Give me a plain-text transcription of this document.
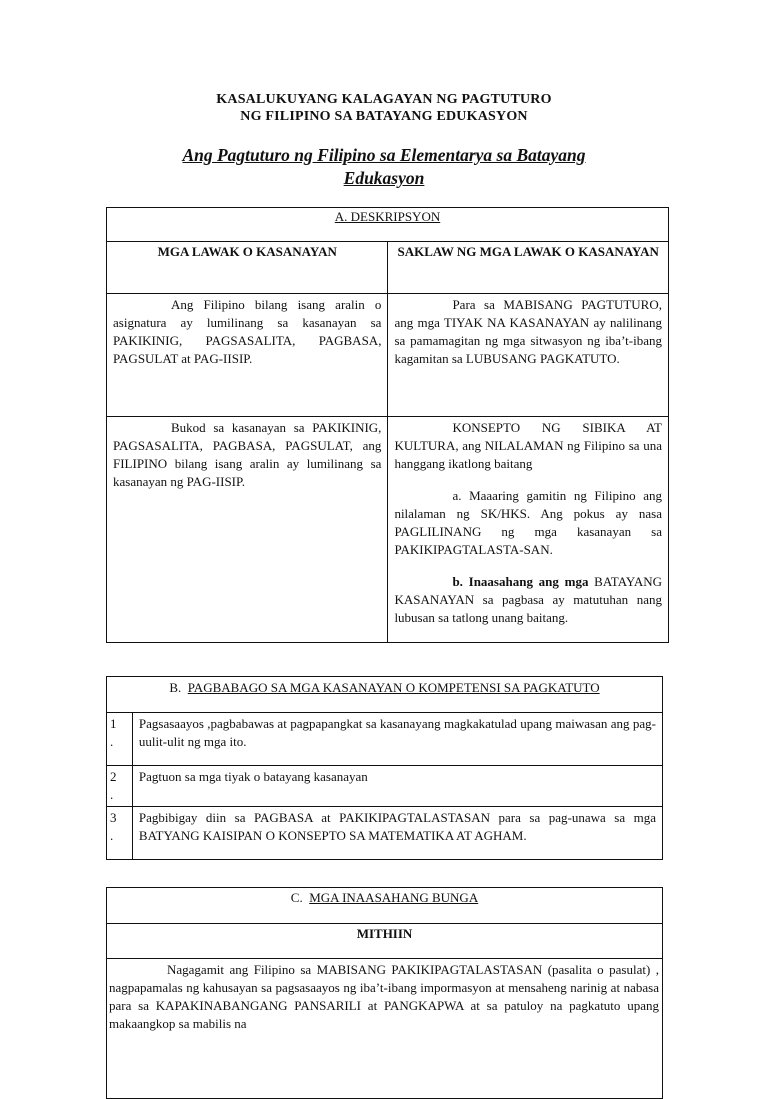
KASALUKUYANG KALAGAYAN NG PAGTUTURO
NG FILIPINO SA BATAYANG EDUKASYON
Ang Pagtuturo ng Filipino sa Elementarya sa Batayang
Edukasyon
A. DESKRIPSYON	
MGA LAWAK O KASANAYAN	SAKLAW NG MGA LAWAK O KASANAYAN
Ang Filipino bilang isang aralin o asignatura ay lumilinang sa kasanayan sa PAKIKINIG, PAGSASALITA, PAGBASA, PAGSULAT at PAG-IISIP.	Para sa MABISANG PAGTUTURO, ang mga TIYAK NA KASANAYAN ay nalilinang sa pamamagitan ng mga sitwasyon ng iba’t-ibang kagamitan sa LUBUSANG PAGKATUTO.
Bukod sa kasanayan sa PAKIKINIG, PAGSASALITA, PAGBASA, PAGSULAT, ang FILIPINO bilang isang aralin ay lumilinang sa kasanayan ng PAG-IISIP.	KONSEPTO NG SIBIKA AT KULTURA, ang NILALAMAN ng Filipino sa una hanggang ikatlong baitang
a. Maaaring gamitin ng Filipino ang nilalaman ng SK/HKS. Ang pokus ay nasa PAGLILINANG ng mga kasanayan sa PAKIKIPAGTALASTA-SAN.
b. Inaasahang ang mga BATAYANG KASANAYAN sa pagbasa ay matutuhan nang lubusan sa tatlong unang baitang.
B. PAGBABAGO SA MGA KASANAYAN O KOMPETENSI SA PAGKATUTO	
1
.	Pagsasaayos ,pagbabawas at pagpapangkat sa kasanayang magkakatulad upang maiwasan ang pag-uulit-ulit ng mga ito.
2
.	Pagtuon sa mga tiyak o batayang kasanayan
3
.	Pagbibigay diin sa PAGBASA at PAKIKIPAGTALASTASAN para sa pag-unawa sa mga BATYANG KAISIPAN O KONSEPTO SA MATEMATIKA AT AGHAM.
C. MGA INAASAHANG BUNGA
MITHIIN
Nagagamit ang Filipino sa MABISANG PAKIKIPAGTALASTASAN (pasalita o pasulat) , nagpapamalas ng kahusayan sa pagsasaayos ng iba’t-ibang impormasyon at mensaheng narinig at nabasa para sa KAPAKINABANGANG PANSARILI at PANGKAPWA at sa patuloy na pagkatuto upang makaangkop sa mabilis na
